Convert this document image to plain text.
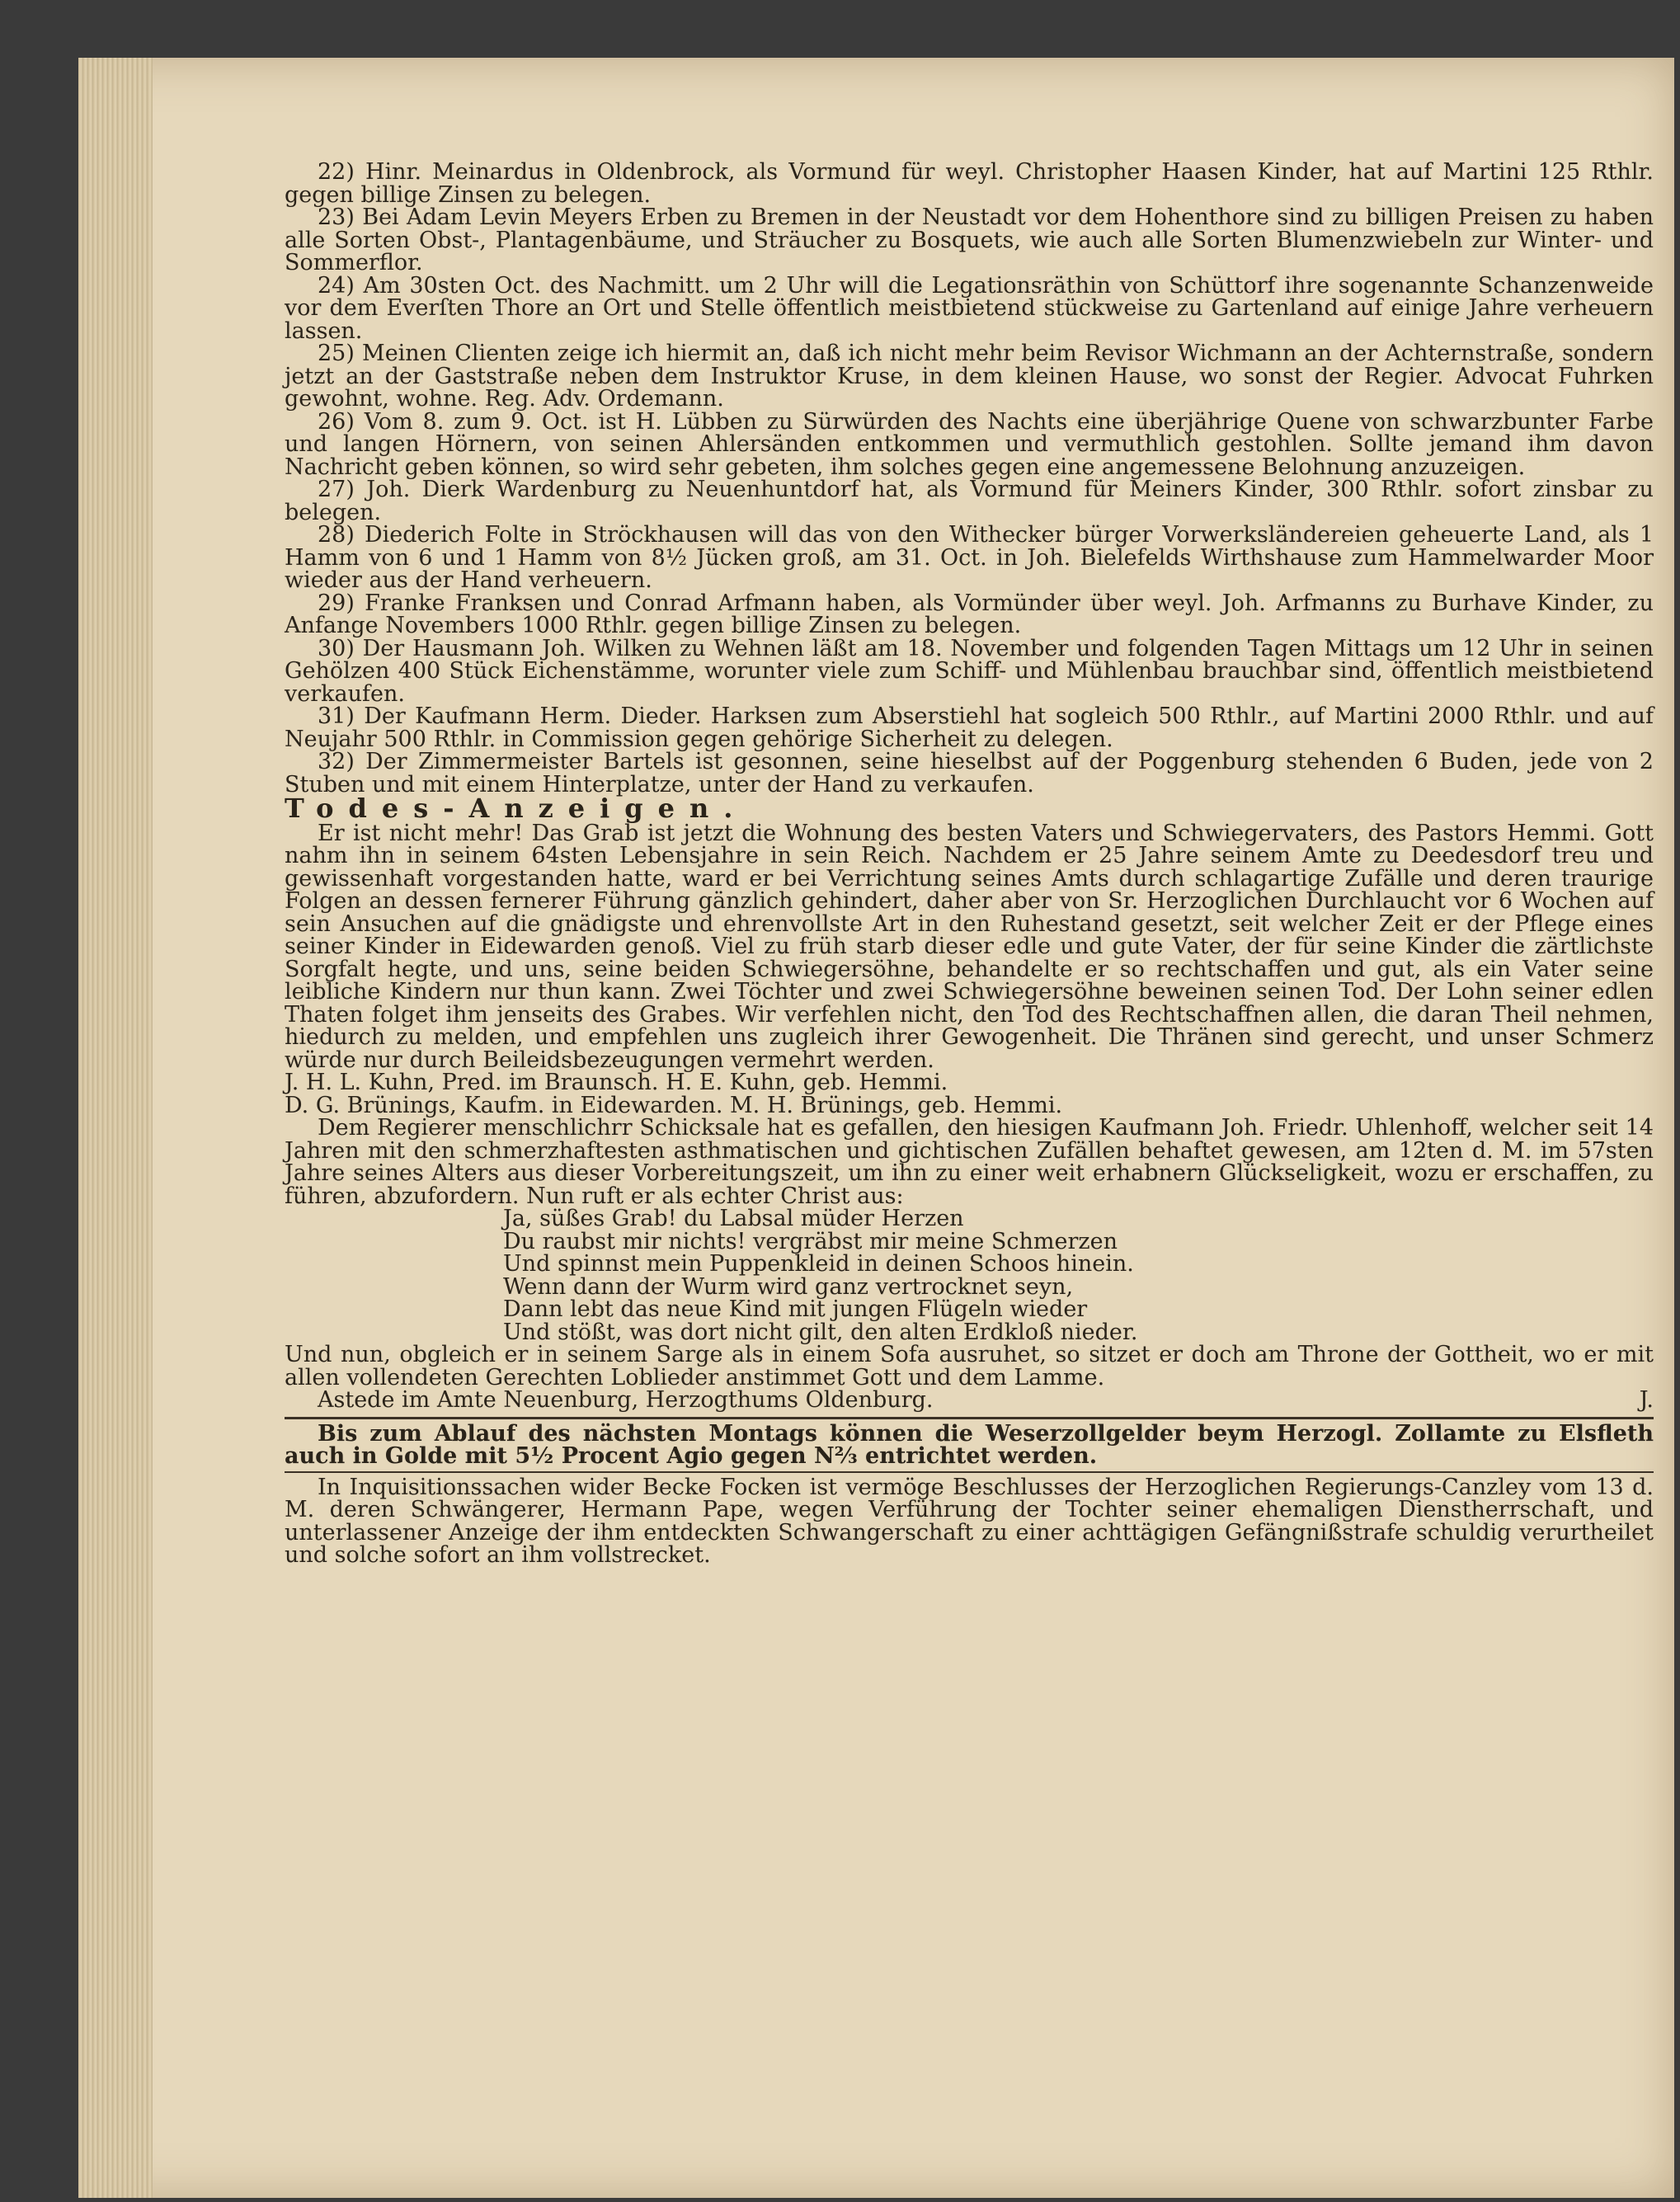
22) Hinr. Meinardus in Oldenbrock, als Vormund für weyl. Christopher Haasen Kinder, hat auf Martini 125 Rthlr. gegen billige Zinsen zu belegen.

23) Bei Adam Levin Meyers Erben zu Bremen in der Neustadt vor dem Hohenthore sind zu billigen Preisen zu haben alle Sorten Obst-, Plantagenbäume, und Sträucher zu Bosquets, wie auch alle Sorten Blumenzwiebeln zur Winter- und Sommerflor.

24) Am 30sten Oct. des Nachmitt. um 2 Uhr will die Legationsräthin von Schüttorf ihre sogenannte Schanzenweide vor dem Everſten Thore an Ort und Stelle öffentlich meistbietend stückweise zu Gartenland auf einige Jahre verheuern lassen.

25) Meinen Clienten zeige ich hiermit an, daß ich nicht mehr beim Revisor Wichmann an der Achternstraße, sondern jetzt an der Gaststraße neben dem Instruktor Kruse, in dem kleinen Hause, wo sonst der Regier. Advocat Fuhrken gewohnt, wohne. Reg. Adv. Ordemann.

26) Vom 8. zum 9. Oct. ist H. Lübben zu Sürwürden des Nachts eine überjährige Quene von schwarzbunter Farbe und langen Hörnern, von seinen Ahlersänden entkommen und vermuthlich gestohlen. Sollte jemand ihm davon Nachricht geben können, so wird sehr gebeten, ihm solches gegen eine angemessene Belohnung anzuzeigen.

27) Joh. Dierk Wardenburg zu Neuenhuntdorf hat, als Vormund für Meiners Kinder, 300 Rthlr. sofort zinsbar zu belegen.

28) Diederich Folte in Ströckhausen will das von den Withecker bürger Vorwerksländereien geheuerte Land, als 1 Hamm von 6 und 1 Hamm von 8½ Jücken groß, am 31. Oct. in Joh. Bielefelds Wirthshause zum Hammelwarder Moor wieder aus der Hand verheuern.

29) Franke Franksen und Conrad Arfmann haben, als Vormünder über weyl. Joh. Arfmanns zu Burhave Kinder, zu Anfange Novembers 1000 Rthlr. gegen billige Zinsen zu belegen.

30) Der Hausmann Joh. Wilken zu Wehnen läßt am 18. November und folgenden Tagen Mittags um 12 Uhr in seinen Gehölzen 400 Stück Eichenstämme, worunter viele zum Schiff- und Mühlenbau brauchbar sind, öffentlich meistbietend verkaufen.

31) Der Kaufmann Herm. Dieder. Harksen zum Abserstiehl hat sogleich 500 Rthlr., auf Martini 2000 Rthlr. und auf Neujahr 500 Rthlr. in Commission gegen gehörige Sicherheit zu delegen.

32) Der Zimmermeister Bartels ist gesonnen, seine hieselbst auf der Poggenburg stehenden 6 Buden, jede von 2 Stuben und mit einem Hinterplatze, unter der Hand zu verkaufen.

Todes-Anzeigen.

Er ist nicht mehr! Das Grab ist jetzt die Wohnung des besten Vaters und Schwiegervaters, des Pastors Hemmi. Gott nahm ihn in seinem 64sten Lebensjahre in sein Reich. Nachdem er 25 Jahre seinem Amte zu Deedesdorf treu und gewissenhaft vorgestanden hatte, ward er bei Verrichtung seines Amts durch schlagartige Zufälle und deren traurige Folgen an dessen fernerer Führung gänzlich gehindert, daher aber von Sr. Herzoglichen Durchlaucht vor 6 Wochen auf sein Ansuchen auf die gnädigste und ehrenvollste Art in den Ruhestand gesetzt, seit welcher Zeit er der Pflege eines seiner Kinder in Eidewarden genoß. Viel zu früh starb dieser edle und gute Vater, der für seine Kinder die zärtlichste Sorgfalt hegte, und uns, seine beiden Schwiegersöhne, behandelte er so rechtschaffen und gut, als ein Vater seine leibliche Kindern nur thun kann. Zwei Töchter und zwei Schwiegersöhne beweinen seinen Tod. Der Lohn seiner edlen Thaten folget ihm jenseits des Grabes. Wir verfehlen nicht, den Tod des Rechtschaffnen allen, die daran Theil nehmen, hiedurch zu melden, und empfehlen uns zugleich ihrer Gewogenheit. Die Thränen sind gerecht, und unser Schmerz würde nur durch Beileidsbezeugungen vermehrt werden.

J. H. L. Kuhn, Pred. im Braunsch. H. E. Kuhn, geb. Hemmi.

D. G. Brünings, Kaufm. in Eidewarden. M. H. Brünings, geb. Hemmi.

Dem Regierer menschlichrr Schicksale hat es gefallen, den hiesigen Kaufmann Joh. Friedr. Uhlenhoff, welcher seit 14 Jahren mit den schmerzhaftesten asthmatischen und gichtischen Zufällen behaftet gewesen, am 12ten d. M. im 57sten Jahre seines Alters aus dieser Vorbereitungszeit, um ihn zu einer weit erhabnern Glückseligkeit, wozu er erschaffen, zu führen, abzufordern. Nun ruft er als echter Christ aus:

Ja, süßes Grab! du Labsal müder Herzen

Du raubst mir nichts! vergräbst mir meine Schmerzen

Und spinnst mein Puppenkleid in deinen Schoos hinein.

Wenn dann der Wurm wird ganz vertrocknet seyn,

Dann lebt das neue Kind mit jungen Flügeln wieder

Und stößt, was dort nicht gilt, den alten Erdkloß nieder.

Und nun, obgleich er in seinem Sarge als in einem Sofa ausruhet, so sitzet er doch am Throne der Gottheit, wo er mit allen vollendeten Gerechten Loblieder anstimmet Gott und dem Lamme.

Astede im Amte Neuenburg, Herzogthums Oldenburg.	J.

Bis zum Ablauf des nächsten Montags können die Weserzollgelder beym Herzogl. Zollamte zu Elsfleth auch in Golde mit 5½ Procent Agio gegen N⅔ entrichtet werden.

In Inquisitionssachen wider Becke Focken ist vermöge Beschlusses der Herzoglichen Regierungs-Canzley vom 13 d. M. deren Schwängerer, Hermann Pape, wegen Verführung der Tochter seiner ehemaligen Dienstherrschaft, und unterlassener Anzeige der ihm entdeckten Schwangerschaft zu einer achttägigen Gefängnißstrafe schuldig verurtheilet und solche sofort an ihm vollstrecket.
